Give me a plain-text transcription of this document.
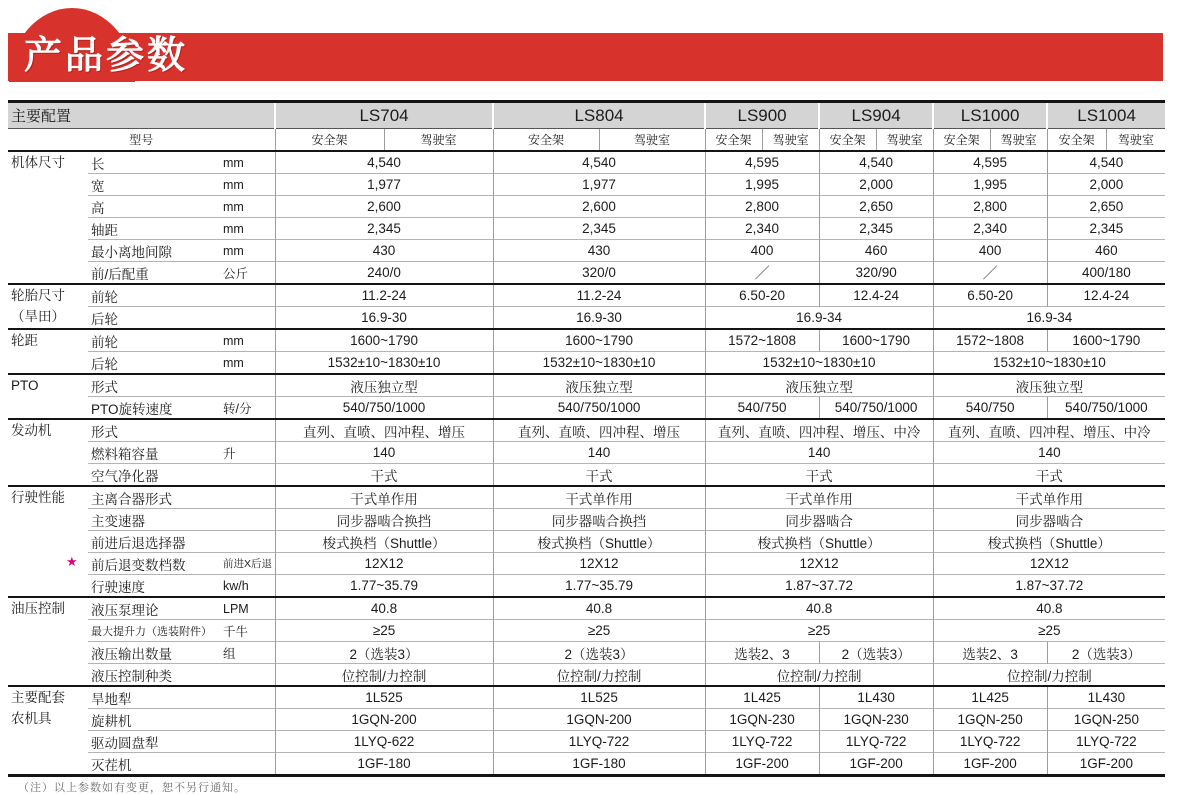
产品参数
主要配置			LS704		LS804		LS900		LS904		LS1000		LS1004	
型号			安全架	驾驶室	安全架	驾驶室	安全架	驾驶室	安全架	驾驶室	安全架	驾驶室	安全架	驾驶室

机体尺寸	长	mm	4,540		4,540		4,595		4,540		4,595		4,540	
	宽	mm	1,977		1,977		1,995		2,000		1,995		2,000	
	高	mm	2,600		2,600		2,800		2,650		2,800		2,650	
	轴距	mm	2,345		2,345		2,340		2,345		2,340		2,345	
	最小离地间隙	mm	430		430		400		460		400		460	
	前/后配重	公斤	240/0		320/0		／		320/90		／		400/180	

轮胎尺寸
（旱田）	前轮		11.2-24		11.2-24		6.50-20		12.4-24		6.50-20		12.4-24	
	后轮		16.9-30		16.9-30		16.9-34				16.9-34			

轮距	前轮	mm	1600~1790		1600~1790		1572~1808		1600~1790		1572~1808		1600~1790	
	后轮	mm	1532±10~1830±10		1532±10~1830±10		1532±10~1830±10				1532±10~1830±10			

PTO	形式		液压独立型		液压独立型		液压独立型				液压独立型			
	PTO旋转速度	转/分	540/750/1000		540/750/1000		540/750		540/750/1000		540/750		540/750/1000	

发动机	形式		直列、直喷、四冲程、增压		直列、直喷、四冲程、增压		直列、直喷、四冲程、增压、中冷				直列、直喷、四冲程、增压、中冷			
	燃料箱容量	升	140		140		140				140			
	空气净化器		干式		干式		干式				干式			

行驶性能	主离合器形式		干式单作用		干式单作用		干式单作用				干式单作用			
	主变速器		同步器啮合换挡		同步器啮合换挡		同步器啮合				同步器啮合			
	前进后退选择器		梭式换档（Shuttle）		梭式换档（Shuttle）		梭式换档（Shuttle）				梭式换档（Shuttle）			

	★ 前后退变数档数	前进X后退	12X12		12X12		12X12				12X12			
	行驶速度	kw/h	1.77~35.79		1.77~35.79		1.87~37.72				1.87~37.72			

油压控制	液压泵理论	LPM	40.8		40.8		40.8				40.8			
	最大提升力（选装附件）	千牛	≥25		≥25		≥25				≥25			
	液压输出数量	组	2（选装3）		2（选装3）		选装2、3		2（选装3）		选装2、3		2（选装3）	
	液压控制种类		位控制/力控制		位控制/力控制		位控制/力控制				位控制/力控制			

主要配套
农机具	旱地犁		1L525		1L525		1L425		1L430		1L425		1L430	
	旋耕机		1GQN-200		1GQN-200		1GQN-230		1GQN-230		1GQN-250		1GQN-250	
	驱动圆盘犁		1LYQ-622		1LYQ-722		1LYQ-722		1LYQ-722		1LYQ-722		1LYQ-722	
	灭茬机		1GF-180		1GF-180		1GF-200		1GF-200		1GF-200		1GF-200	
（注）以上参数如有变更，恕不另行通知。
